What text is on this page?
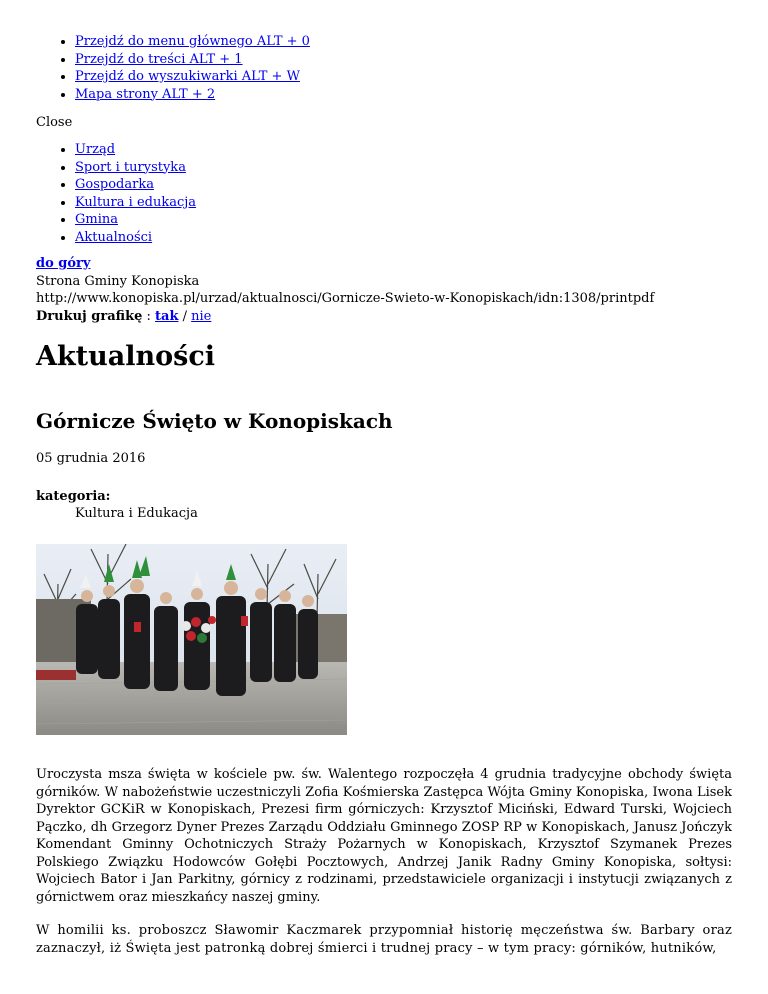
• Przejdź do menu głównego ALT + 0
• Przejdź do treści ALT + 1
• Przejdź do wyszukiwarki ALT + W
• Mapa strony ALT + 2
Close
• Urząd
• Sport i turystyka
• Gospodarka
• Kultura i edukacja
• Gmina
• Aktualności
do góry
Strona Gminy Konopiska
http://www.konopiska.pl/urzad/aktualnosci/Gornicze-Swieto-w-Konopiskach/idn:1308/printpdf
Drukuj grafikę : tak / nie
Aktualności
Górnicze Święto w Konopiskach
05 grudnia 2016
kategoria:
Kultura i Edukacja

Uroczysta msza święta w kościele pw. św. Walentego rozpoczęła 4 grudnia tradycyjne obchody święta górników. W nabożeństwie uczestniczyli Zofia Kośmierska Zastępca Wójta Gminy Konopiska, Iwona Lisek Dyrektor GCKiR w Konopiskach, Prezesi firm górniczych: Krzysztof Miciński, Edward Turski, Wojciech Pączko, dh Grzegorz Dyner Prezes Zarządu Oddziału Gminnego ZOSP RP w Konopiskach, Janusz Jończyk Komendant Gminny Ochotniczych Straży Pożarnych w Konopiskach, Krzysztof Szymanek Prezes Polskiego Związku Hodowców Gołębi Pocztowych, Andrzej Janik Radny Gminy Konopiska, sołtysi: Wojciech Bator i Jan Parkitny, górnicy z rodzinami, przedstawiciele organizacji i instytucji związanych z górnictwem oraz mieszkańcy naszej gminy.

W homilii ks. proboszcz Sławomir Kaczmarek przypomniał historię męczeństwa św. Barbary oraz zaznaczył, iż Święta jest patronką dobrej śmierci i trudnej pracy – w tym pracy: górników, hutników,
